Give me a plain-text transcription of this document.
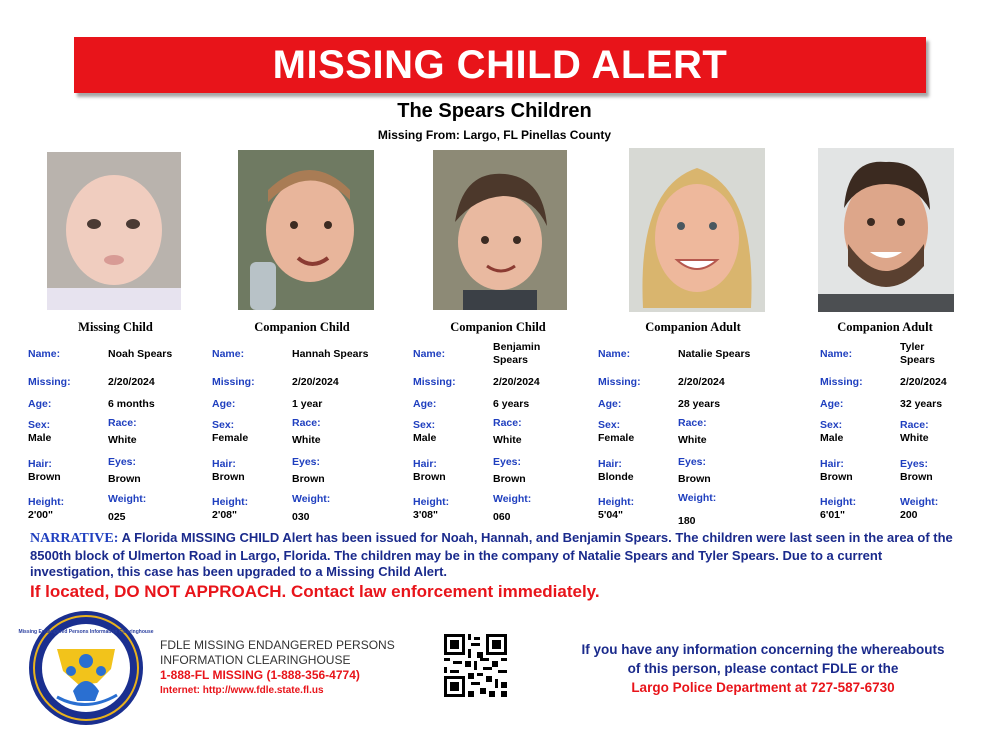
MISSING CHILD ALERT
The Spears Children
Missing From: Largo, FL Pinellas County
Missing Child
Name:	Noah Spears
Missing:	2/20/2024
Age:	6 months
Sex:
Male
Race:
White
Hair:
Brown
Eyes:
Brown
Height:
2'00"
Weight:
025
Companion Child
Name:	Hannah Spears
Missing:	2/20/2024
Age:	1 year
Sex:
Female
Race:
White
Hair:
Brown
Eyes:
Brown
Height:
2'08"
Weight:
030
Companion Child
Name:
Benjamin Spears
Missing:	2/20/2024
Age:	6 years
Sex:
Male
Race:
White
Hair:
Brown
Eyes:
Brown
Height:
3'08"
Weight:
060
Companion Adult
Name:	Natalie Spears
Missing:	2/20/2024
Age:	28 years
Sex:
Female
Race:
White
Hair:
Blonde
Eyes:
Brown
Height:
5'04"
Weight:
180
Companion Adult
Name:
Tyler Spears
Missing:	2/20/2024
Age:	32 years
Sex:
Male
Race:
White
Hair:
Brown
Eyes:
Brown
Height:
6'01"
Weight:
200
NARRATIVE: A Florida MISSING CHILD Alert has been issued for Noah, Hannah, and Benjamin Spears. The children were last seen in the area of the 8500th block of Ulmerton Road in Largo, Florida. The children may be in the company of Natalie Spears and Tyler Spears. Due to a current investigation, this case has been upgraded to a Missing Child Alert.
If located, DO NOT APPROACH. Contact law enforcement immediately.
Missing Endangered Persons Information Clearinghouse
FDLE MISSING ENDANGERED PERSONS
INFORMATION CLEARINGHOUSE
1-888-FL MISSING (1-888-356-4774)
Internet: http://www.fdle.state.fl.us
If you have any information concerning the whereabouts
of this person, please contact FDLE or the
Largo Police Department at 727-587-6730
